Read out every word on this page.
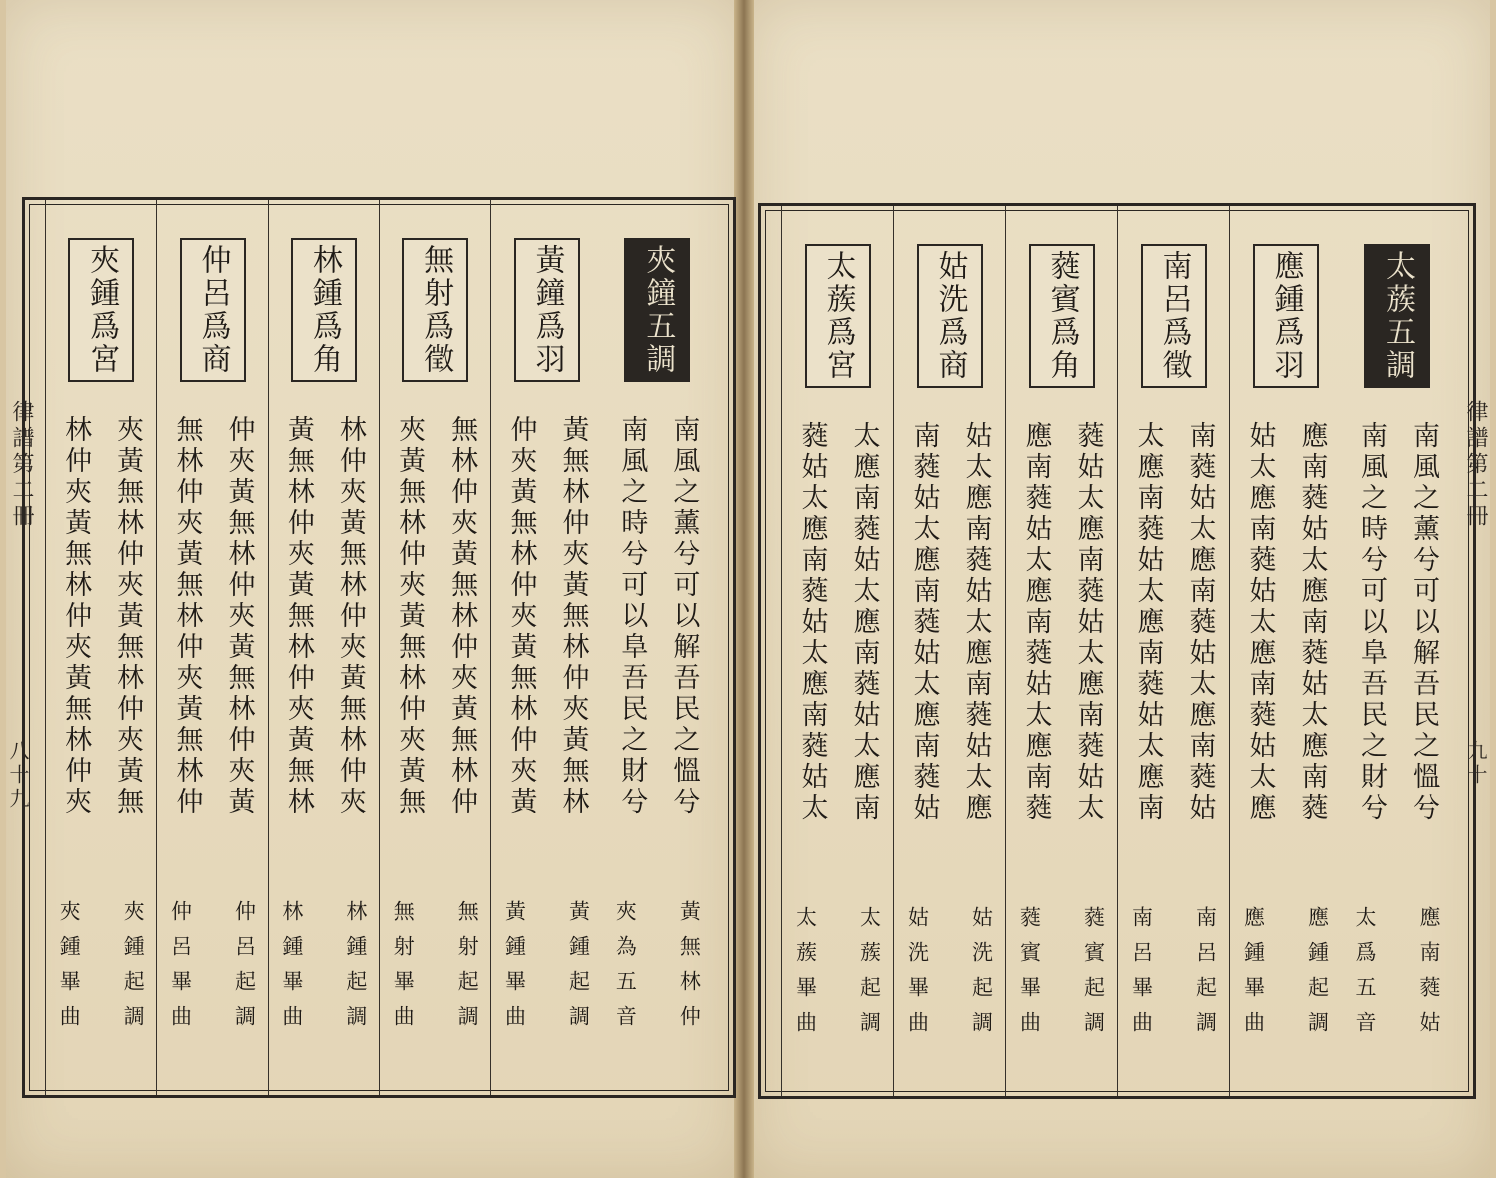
律譜第二冊
八十九
律譜第二冊
九十
夾鐘五調
南風之薰兮可以解吾民之慍兮
南風之時兮可以阜吾民之財兮
黃無林仲
夾為五音
黃鐘爲羽
黃無林仲夾黃無林仲夾黃無林
仲夾黃無林仲夾黃無林仲夾黃
黃鍾起調
黃鍾畢曲
無射爲徵
無林仲夾黃無林仲夾黃無林仲
夾黃無林仲夾黃無林仲夾黃無
無射起調
無射畢曲
林鍾爲角
林仲夾黃無林仲夾黃無林仲夾
黃無林仲夾黃無林仲夾黃無林
林鍾起調
林鍾畢曲
仲呂爲商
仲夾黃無林仲夾黃無林仲夾黃
無林仲夾黃無林仲夾黃無林仲
仲呂起調
仲呂畢曲
夾鍾爲宮
夾黃無林仲夾黃無林仲夾黃無
林仲夾黃無林仲夾黃無林仲夾
夾鍾起調
夾鍾畢曲
太蔟五調
南風之薰兮可以解吾民之慍兮
南風之時兮可以阜吾民之財兮
應南蕤姑
太爲五音
應鍾爲羽
應南蕤姑太應南蕤姑太應南蕤
姑太應南蕤姑太應南蕤姑太應
應鍾起調
應鍾畢曲
南呂爲徵
南蕤姑太應南蕤姑太應南蕤姑
太應南蕤姑太應南蕤姑太應南
南呂起調
南呂畢曲
蕤賓爲角
蕤姑太應南蕤姑太應南蕤姑太
應南蕤姑太應南蕤姑太應南蕤
蕤賓起調
蕤賓畢曲
姑洗爲商
姑太應南蕤姑太應南蕤姑太應
南蕤姑太應南蕤姑太應南蕤姑
姑洗起調
姑洗畢曲
太蔟爲宮
太應南蕤姑太應南蕤姑太應南
蕤姑太應南蕤姑太應南蕤姑太
太蔟起調
太蔟畢曲
